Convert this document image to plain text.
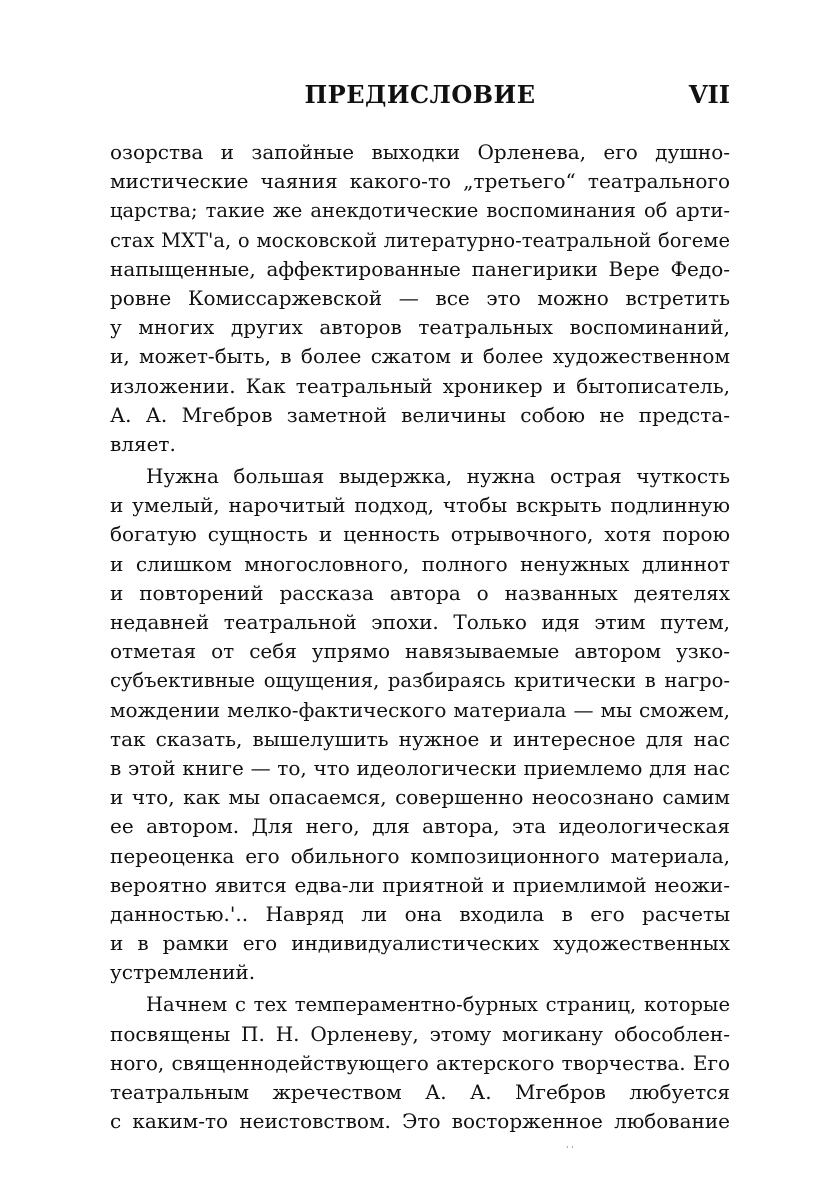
ПРЕДИСЛОВИЕ	VII
озорства и запойные выходки Орленева, его душно-
мистические чаяния какого-то „третьего“ театрального
царства; такие же анекдотические воспоминания об арти-
стах МХТ'а, о московской литературно-театральной богеме
напыщенные, аффектированные панегирики Вере Федо-
ровне Комиссаржевской — все это можно встретить
у многих других авторов театральных воспоминаний,
и, может-быть, в более сжатом и более художественном
изложении. Как театральный хроникер и бытописатель,
А. А. Мгебров заметной величины собою не предста-
вляет.
Нужна большая выдержка, нужна острая чуткость
и умелый, нарочитый подход, чтобы вскрыть подлинную
богатую сущность и ценность отрывочного, хотя порою
и слишком многословного, полного ненужных длиннот
и повторений рассказа автора о названных деятелях
недавней театральной эпохи. Только идя этим путем,
отметая от себя упрямо навязываемые автором узко-
субъективные ощущения, разбираясь критически в нагро-
мождении мелко-фактического материала — мы сможем,
так сказать, вышелушить нужное и интересное для нас
в этой книге — то, что идеологически приемлемо для нас
и что, как мы опасаемся, совершенно неосознано самим
ее автором. Для него, для автора, эта идеологическая
переоценка его обильного композиционного материала,
вероятно явится едва-ли приятной и приемлимой неожи-
данностью.'.. Навряд ли она входила в его расчеты
и в рамки его индивидуалистических художественных
устремлений.
Начнем с тех темпераментно-бурных страниц, которые
посвящены П. Н. Орленеву, этому могикану обособлен-
ного, священнодействующего актерского творчества. Его
театральным жречеством А. А. Мгебров любуется
с каким-то неистовством. Это восторженное любование
· ·
